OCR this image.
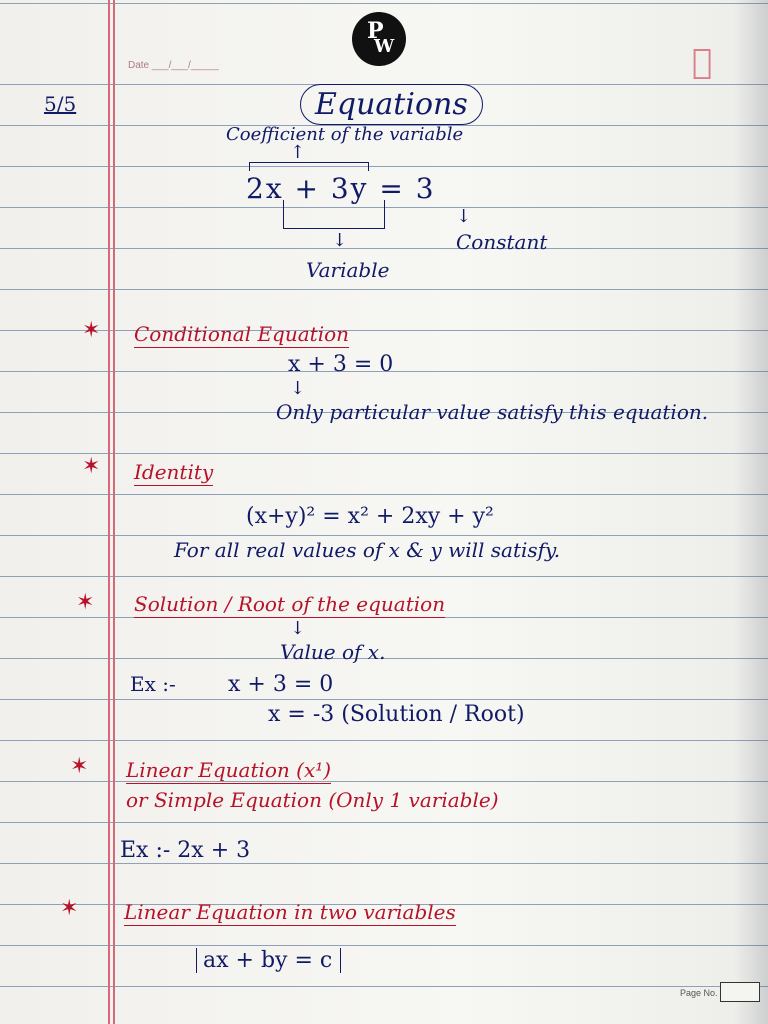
P
W
Date ___/___/_____
5/5	Equations
Coefficient of the variable
↑
2x + 3y = 3
↓
Constant
↓
Variable
✶ Conditional Equation
x + 3 = 0
↓
Only particular value satisfy this equation.
✶ Identity
(x+y)² = x² + 2xy + y²
For all real values of x & y will satisfy.
✶ Solution / Root of the equation
↓
Value of x.
Ex :- x + 3 = 0
x = -3 (Solution / Root)
✶ Linear Equation (x¹)
or Simple Equation (Only 1 variable)
Ex :- 2x + 3
✶ Linear Equation in two variables
ax + by = c
Page No.
